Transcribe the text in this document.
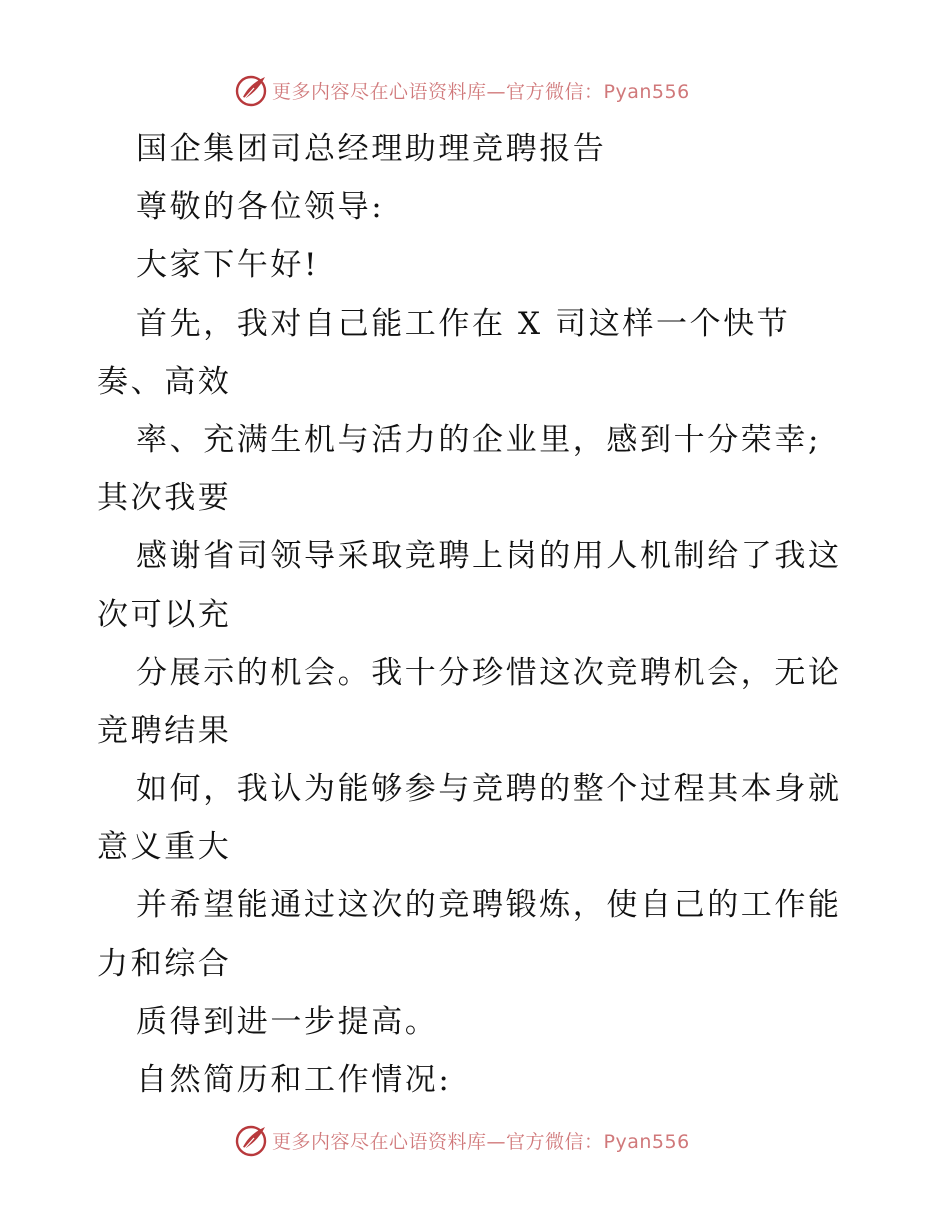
更多内容尽在心语资料库—官方微信：Pyan556
国企集团司总经理助理竞聘报告
尊敬的各位领导:
大家下午好!
首先，我对自己能工作在 X 司这样一个快节
奏、高效
率、充满生机与活力的企业里，感到十分荣幸;
其次我要
感谢省司领导采取竞聘上岗的用人机制给了我这
次可以充
分展示的机会。我十分珍惜这次竞聘机会，无论
竞聘结果
如何，我认为能够参与竞聘的整个过程其本身就
意义重大
并希望能通过这次的竞聘锻炼，使自己的工作能
力和综合
质得到进一步提高。
自然简历和工作情况:
更多内容尽在心语资料库—官方微信：Pyan556
